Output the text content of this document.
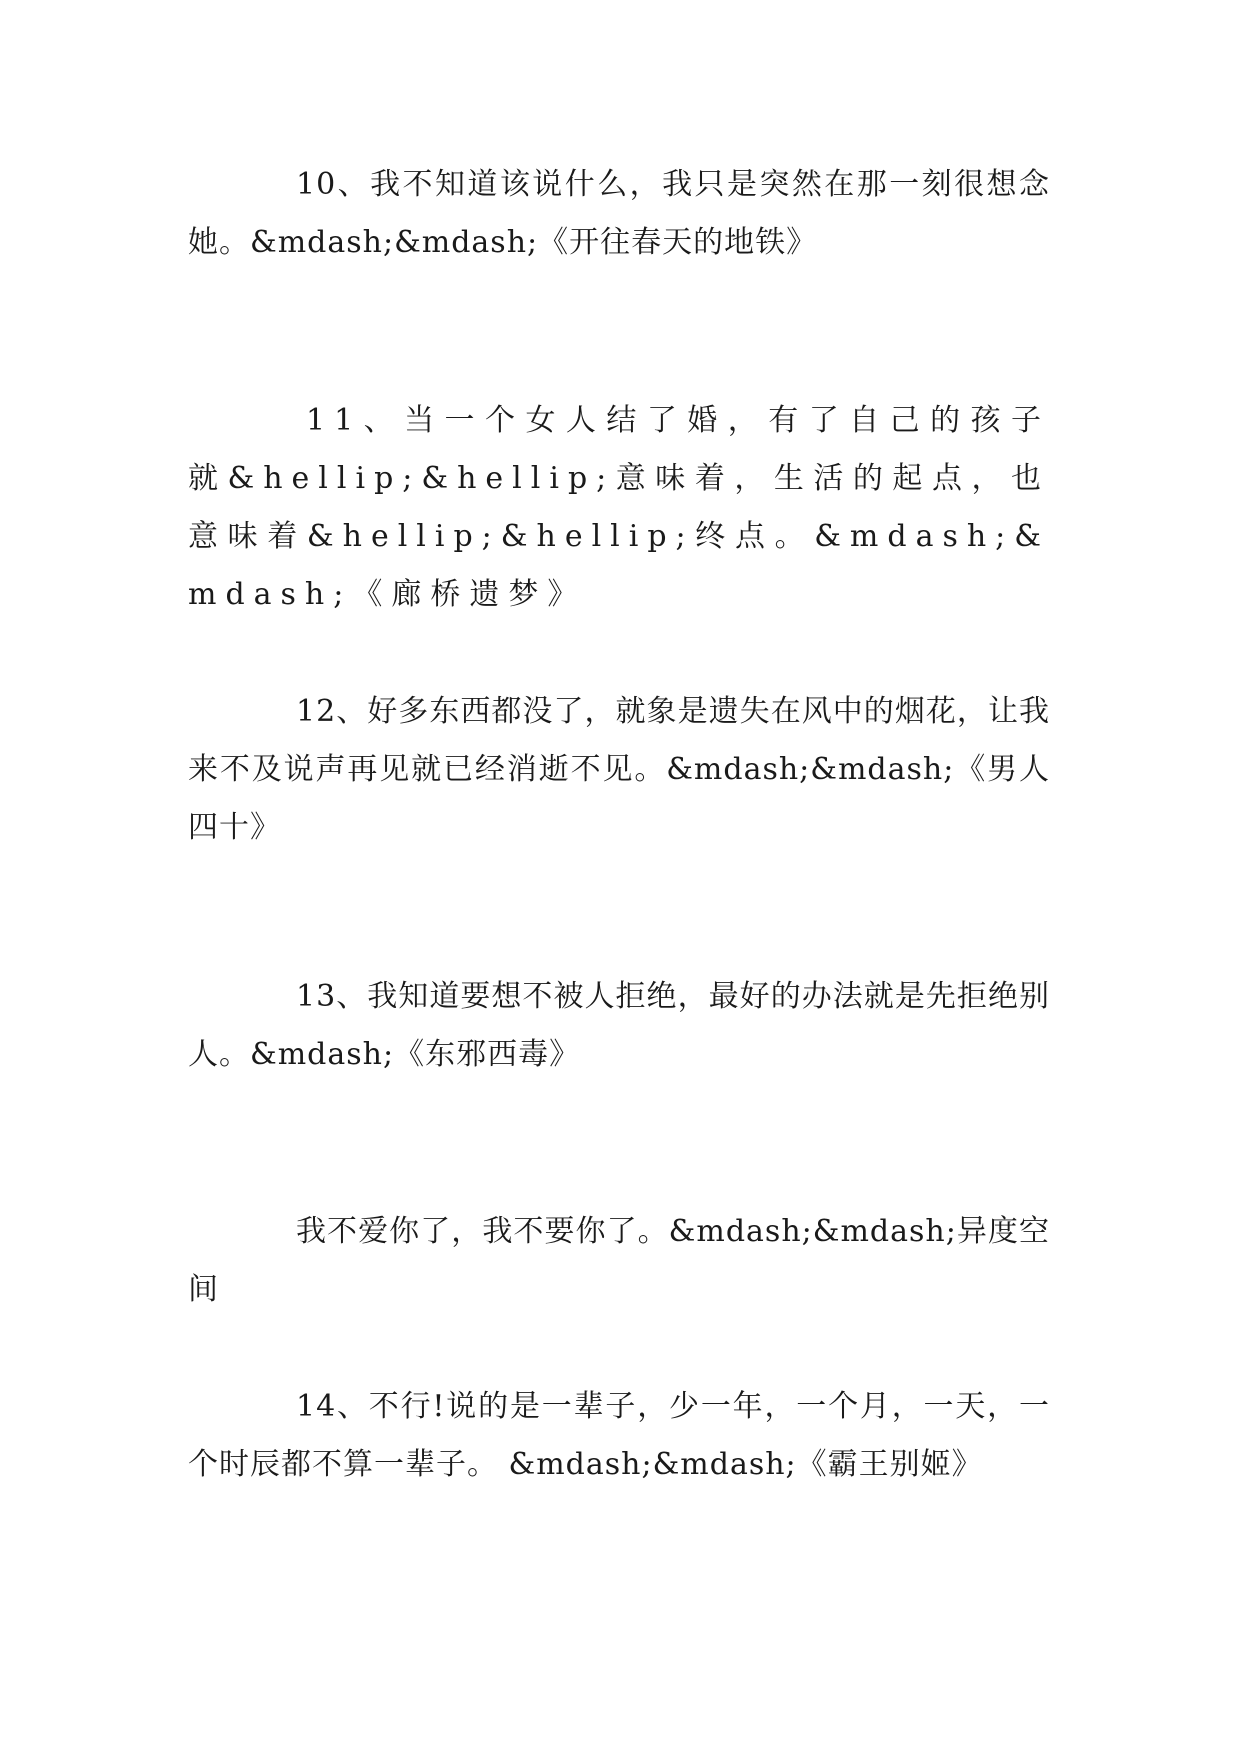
10、我不知道该说什么，我只是突然在那一刻很想念她。&mdash;&mdash;《开往春天的地铁》

11、当一个女人结了婚，有了自己的孩子就&hellip;&hellip;意味着，生活的起点，也意味着&hellip;&hellip;终点。&mdash;&mdash;《廊桥遗梦》

12、好多东西都没了，就象是遗失在风中的烟花，让我来不及说声再见就已经消逝不见。&mdash;&mdash;《男人四十》

13、我知道要想不被人拒绝，最好的办法就是先拒绝别人。&mdash;《东邪西毒》

我不爱你了，我不要你了。&mdash;&mdash;异度空间

14、不行!说的是一辈子，少一年，一个月，一天，一个时辰都不算一辈子。 &mdash;&mdash;《霸王别姬》
